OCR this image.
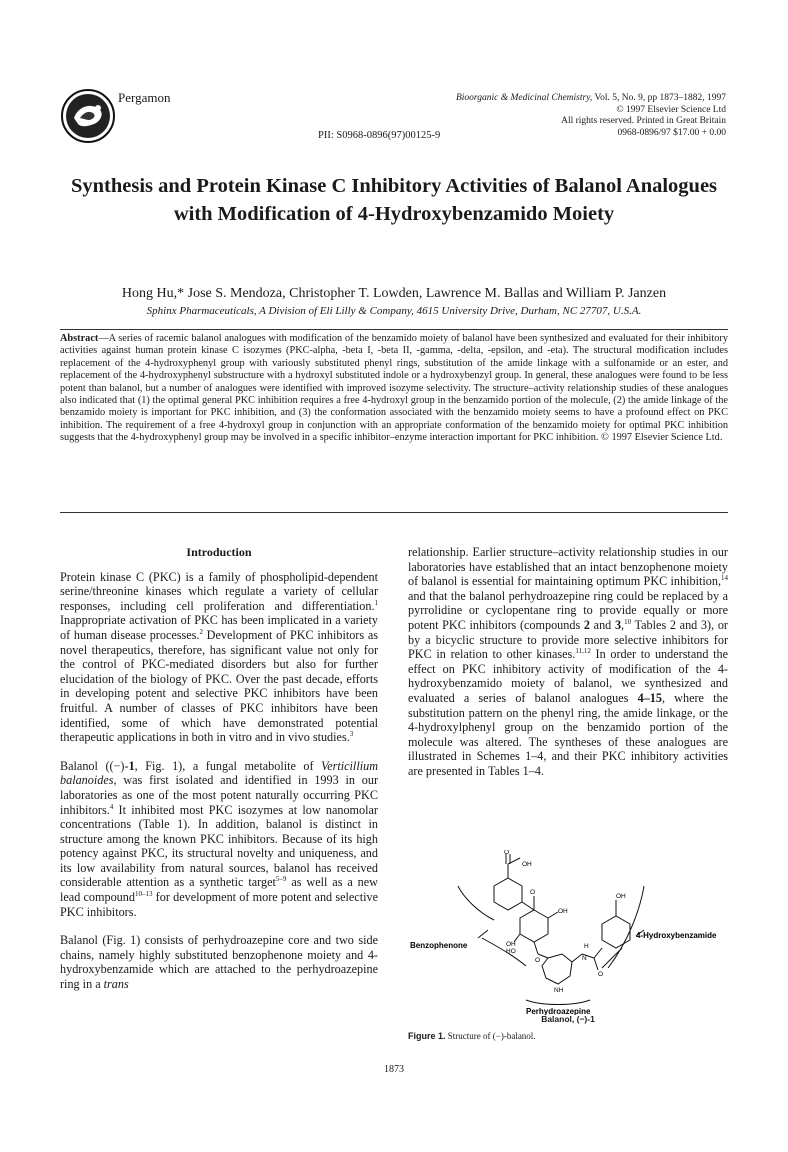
Pergamon	Bioorganic & Medicinal Chemistry, Vol. 5, No. 9, pp 1873–1882, 1997
© 1997 Elsevier Science Ltd
All rights reserved. Printed in Great Britain
0968-0896/97 $17.00 + 0.00
PII: S0968-0896(97)00125-9
Synthesis and Protein Kinase C Inhibitory Activities of Balanol Analogues with Modification of 4-Hydroxybenzamido Moiety
Hong Hu,* Jose S. Mendoza, Christopher T. Lowden, Lawrence M. Ballas and William P. Janzen
Sphinx Pharmaceuticals, A Division of Eli Lilly & Company, 4615 University Drive, Durham, NC 27707, U.S.A.
Abstract—A series of racemic balanol analogues with modification of the benzamido moiety of balanol have been synthesized and evaluated for their inhibitory activities against human protein kinase C isozymes (PKC-alpha, -beta I, -beta II, -gamma, -delta, -epsilon, and -eta). The structural modification includes replacement of the 4-hydroxyphenyl group with variously substituted phenyl rings, substitution of the amide linkage with a sulfonamide or an ester, and replacement of the 4-hydroxyphenyl substructure with a hydroxyl substituted indole or a hydroxybenzyl group. In general, these analogues were found to be less potent than balanol, but a number of analogues were identified with improved isozyme selectivity. The structure–activity relationship studies of these analogues also indicated that (1) the optimal general PKC inhibition requires a free 4-hydroxyl group in the benzamido portion of the molecule, (2) the amide linkage of the benzamido moiety is important for PKC inhibition, and (3) the conformation associated with the benzamido moiety seems to have a profound effect on PKC inhibition. The requirement of a free 4-hydroxyl group in conjunction with an appropriate conformation of the benzamido moiety for optimal PKC inhibition suggests that the 4-hydroxyphenyl group may be involved in a specific inhibitor–enzyme interaction important for PKC inhibition. © 1997 Elsevier Science Ltd.
Introduction

Protein kinase C (PKC) is a family of phospholipid-dependent serine/threonine kinases which regulate a variety of cellular responses, including cell proliferation and differentiation.$^1$ Inappropriate activation of PKC has been implicated in a variety of human disease processes.$^2$ Development of PKC inhibitors as novel therapeutics, therefore, has significant value not only for the control of PKC-mediated disorders but also for further elucidation of the biology of PKC. Over the past decade, efforts in developing potent and selective PKC inhibitors have been fruitful. A number of classes of PKC inhibitors have been identified, some of which have demonstrated potential therapeutic applications in both in vitro and in vivo studies.$^3$

Balanol ((−)-1, Fig. 1), a fungal metabolite of Verticillium balanoides, was first isolated and identified in 1993 in our laboratories as one of the most potent naturally occurring PKC inhibitors.$^4$ It inhibited most PKC isozymes at low nanomolar concentrations (Table 1). In addition, balanol is distinct in structure among the known PKC inhibitors. Because of its high potency against PKC, its structural novelty and uniqueness, and its low availability from natural sources, balanol has received considerable attention as a synthetic target$^{5-9}$ as well as a new lead compound$^{10-13}$ for development of more potent and selective PKC inhibitors.

Balanol (Fig. 1) consists of perhydroazepine core and two side chains, namely highly substituted benzophenone moiety and 4-hydroxybenzamide which are attached to the perhydroazepine ring in a trans

relationship. Earlier structure–activity relationship studies in our laboratories have established that an intact benzophenone moiety of balanol is essential for maintaining optimum PKC inhibition,$^{14}$ and that the balanol perhydroazepine ring could be replaced by a pyrrolidine or cyclopentane ring to provide equally or more potent PKC inhibitors (compounds 2 and 3,10 Tables 2 and 3), or by a bicyclic structure to provide more selective inhibitors for PKC in relation to other kinases.$^{11,12}$ In order to understand the effect on PKC inhibitory activity of modification of the 4-hydroxybenzamido moiety of balanol, we synthesized and evaluated a series of balanol analogues 4–15, where the substitution pattern on the phenyl ring, the amide linkage, or the 4-hydroxylphenyl group on the benzamido portion of the molecule was altered. The syntheses of these analogues are illustrated in Schemes 1–4, and their PKC inhibitory activities are presented in Tables 1–4.

OH
O
O
OH
OH
HO
O
H
N
O
OH
NH
Benzophenone
4-Hydroxybenzamide
Perhydroazepine
Balanol, (−)-1
Figure 1. Structure of (−)-balanol.
1873
